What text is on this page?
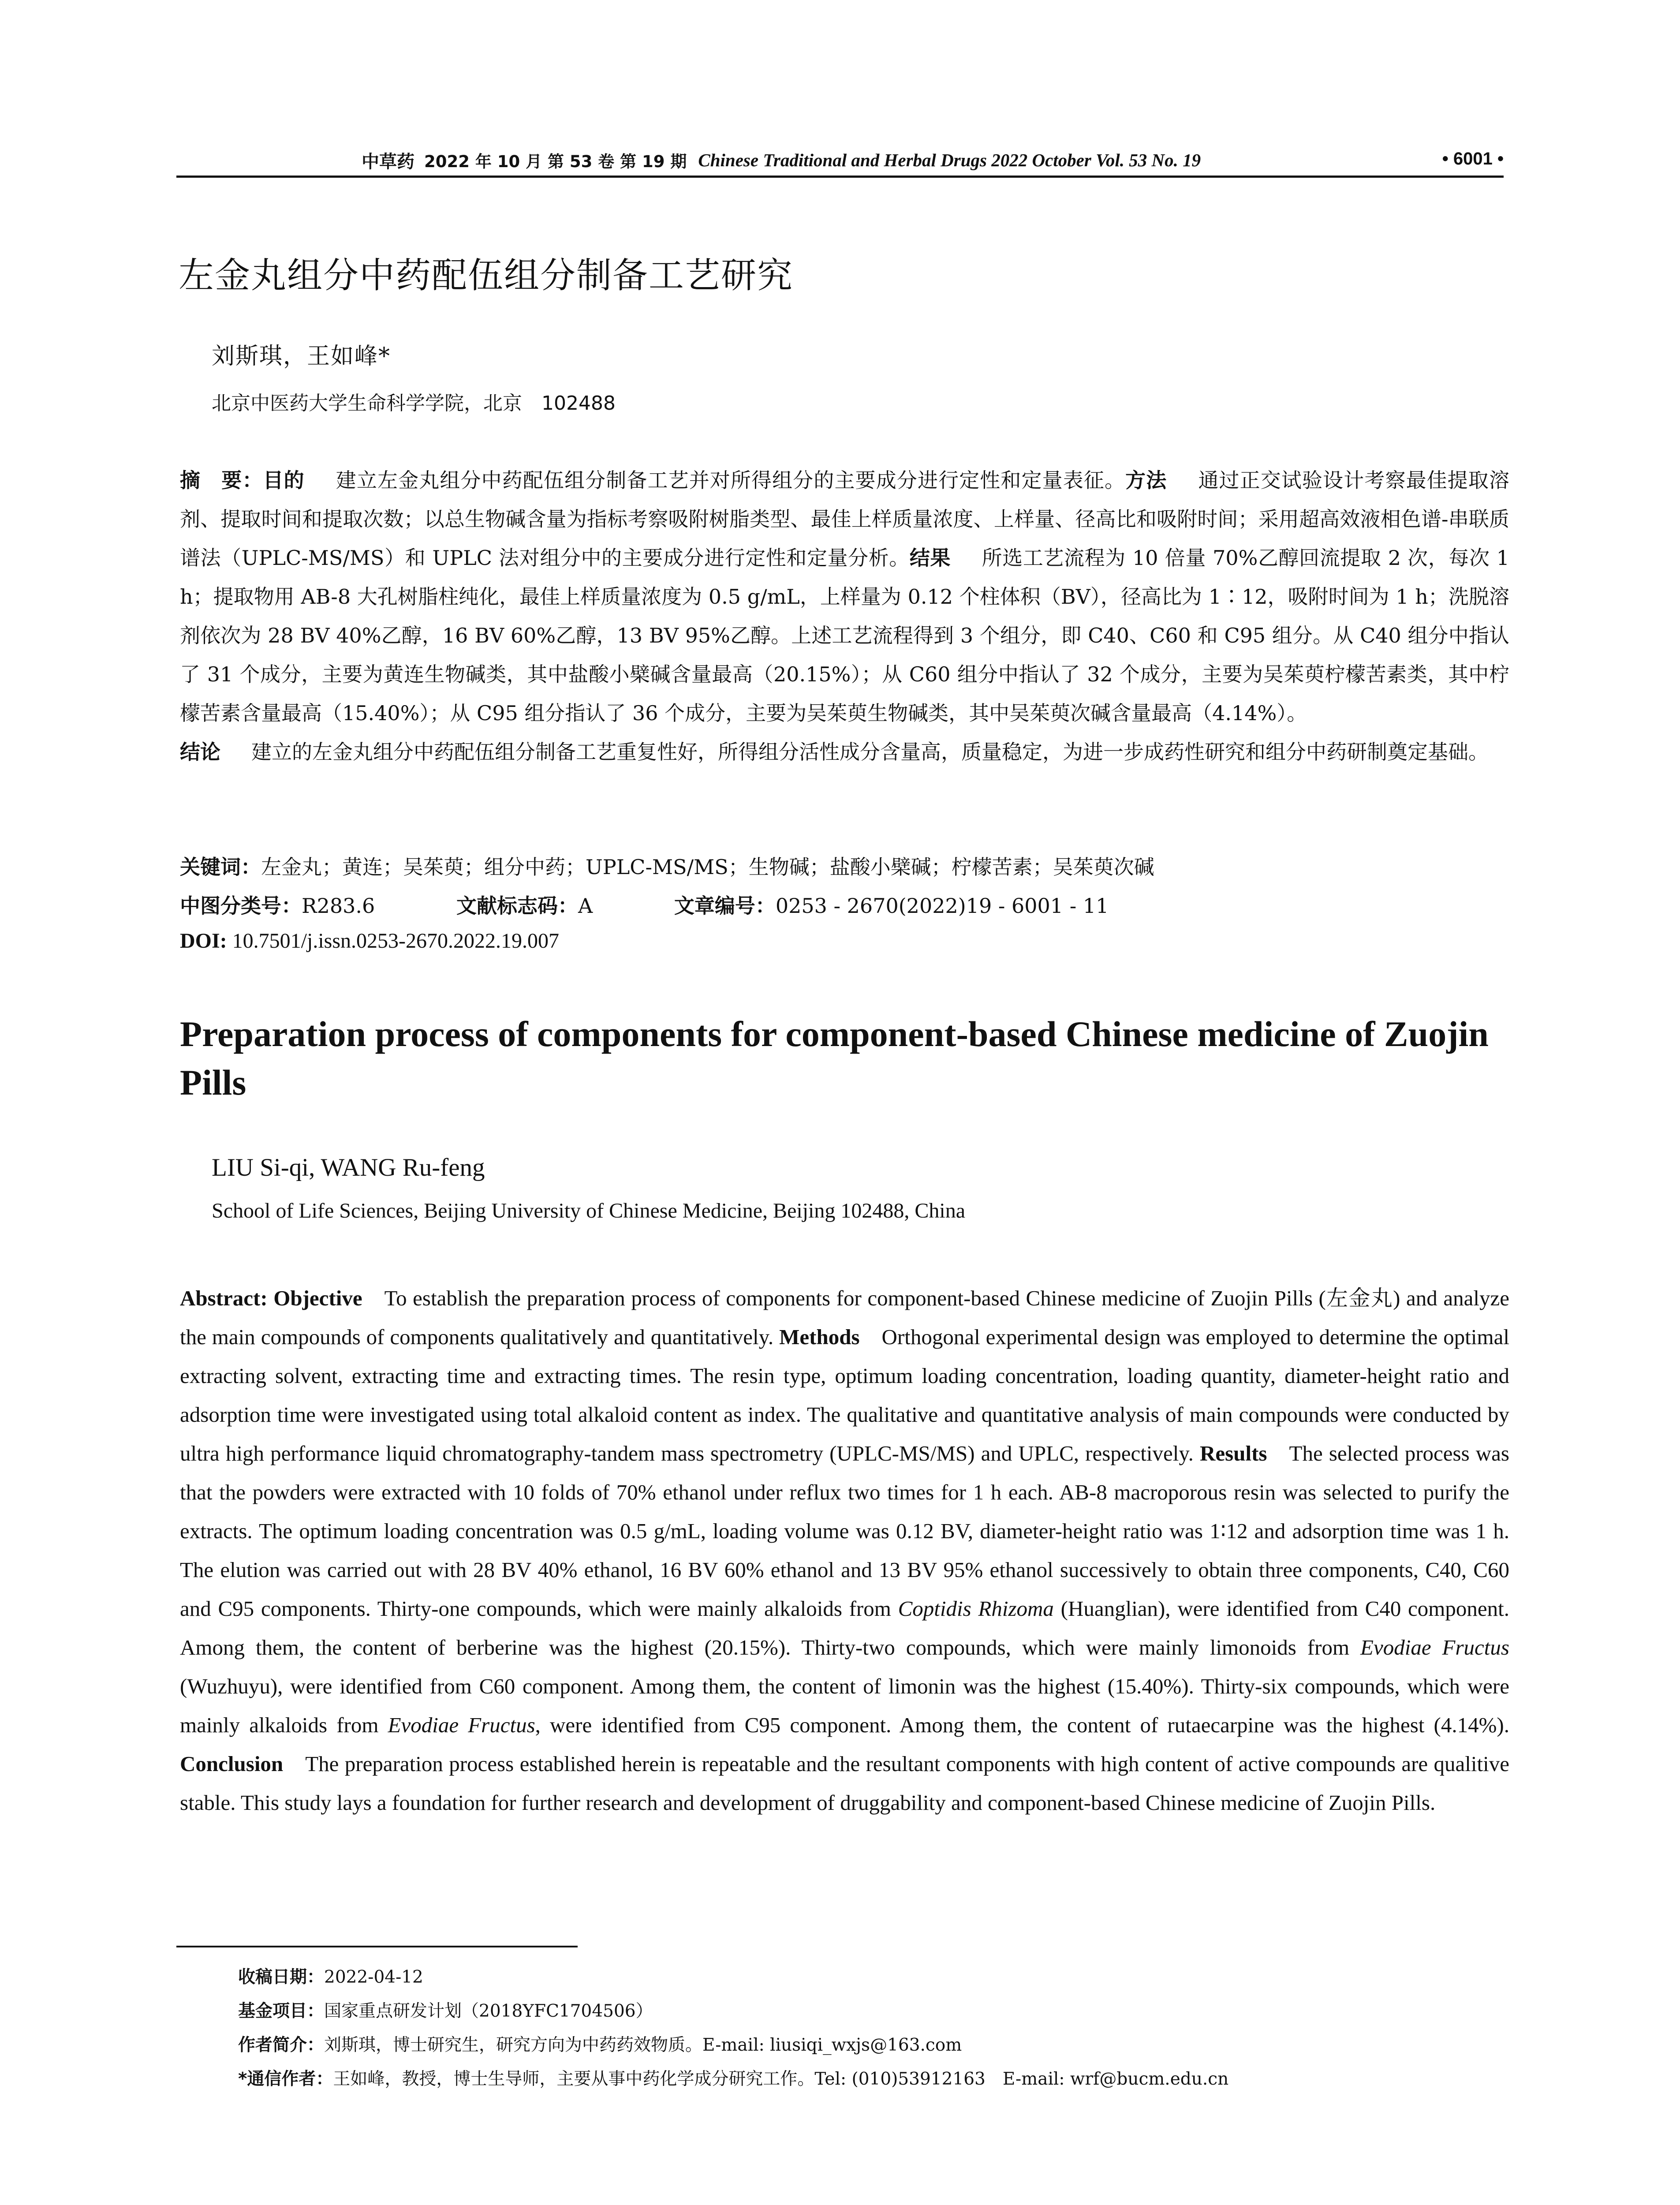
中草药 2022 年 10 月 第 53 卷 第 19 期 Chinese Traditional and Herbal Drugs 2022 October Vol. 53 No. 19	• 6001 •
左金丸组分中药配伍组分制备工艺研究
刘斯琪，王如峰*
北京中医药大学生命科学学院，北京　102488
摘　要：目的 建立左金丸组分中药配伍组分制备工艺并对所得组分的主要成分进行定性和定量表征。方法 通过正交试验设计考察最佳提取溶剂、提取时间和提取次数；以总生物碱含量为指标考察吸附树脂类型、最佳上样质量浓度、上样量、径高比和吸附时间；采用超高效液相色谱-串联质谱法（UPLC-MS/MS）和 UPLC 法对组分中的主要成分进行定性和定量分析。结果 所选工艺流程为 10 倍量 70%乙醇回流提取 2 次，每次 1 h；提取物用 AB-8 大孔树脂柱纯化，最佳上样质量浓度为 0.5 g/mL，上样量为 0.12 个柱体积（BV），径高比为 1∶12，吸附时间为 1 h；洗脱溶剂依次为 28 BV 40%乙醇，16 BV 60%乙醇，13 BV 95%乙醇。上述工艺流程得到 3 个组分，即 C40、C60 和 C95 组分。从 C40 组分中指认了 31 个成分，主要为黄连生物碱类，其中盐酸小檗碱含量最高（20.15%）；从 C60 组分中指认了 32 个成分，主要为吴茱萸柠檬苦素类，其中柠檬苦素含量最高（15.40%）；从 C95 组分指认了 36 个成分，主要为吴茱萸生物碱类，其中吴茱萸次碱含量最高（4.14%）。
结论 建立的左金丸组分中药配伍组分制备工艺重复性好，所得组分活性成分含量高，质量稳定，为进一步成药性研究和组分中药研制奠定基础。
关键词：左金丸；黄连；吴茱萸；组分中药；UPLC-MS/MS；生物碱；盐酸小檗碱；柠檬苦素；吴茱萸次碱
中图分类号：R283.6	文献标志码：A	文章编号：0253 - 2670(2022)19 - 6001 - 11
DOI: 10.7501/j.issn.0253-2670.2022.19.007
Preparation process of components for component-based Chinese medicine of Zuojin Pills
LIU Si-qi, WANG Ru-feng
School of Life Sciences, Beijing University of Chinese Medicine, Beijing 102488, China
Abstract: Objective To establish the preparation process of components for component-based Chinese medicine of Zuojin Pills (左金丸) and analyze the main compounds of components qualitatively and quantitatively. Methods Orthogonal experimental design was employed to determine the optimal extracting solvent, extracting time and extracting times. The resin type, optimum loading concentration, loading quantity, diameter-height ratio and adsorption time were investigated using total alkaloid content as index. The qualitative and quantitative analysis of main compounds were conducted by ultra high performance liquid chromatography-tandem mass spectrometry (UPLC-MS/MS) and UPLC, respectively. Results The selected process was that the powders were extracted with 10 folds of 70% ethanol under reflux two times for 1 h each. AB-8 macroporous resin was selected to purify the extracts. The optimum loading concentration was 0.5 g/mL, loading volume was 0.12 BV, diameter-height ratio was 1∶12 and adsorption time was 1 h. The elution was carried out with 28 BV 40% ethanol, 16 BV 60% ethanol and 13 BV 95% ethanol successively to obtain three components, C40, C60 and C95 components. Thirty-one compounds, which were mainly alkaloids from Coptidis Rhizoma (Huanglian), were identified from C40 component. Among them, the content of berberine was the highest (20.15%). Thirty-two compounds, which were mainly limonoids from Evodiae Fructus (Wuzhuyu), were identified from C60 component. Among them, the content of limonin was the highest (15.40%). Thirty-six compounds, which were mainly alkaloids from Evodiae Fructus, were identified from C95 component. Among them, the content of rutaecarpine was the highest (4.14%). Conclusion The preparation process established herein is repeatable and the resultant components with high content of active compounds are qualitive stable. This study lays a foundation for further research and development of druggability and component-based Chinese medicine of Zuojin Pills.
收稿日期：2022-04-12
基金项目：国家重点研发计划（2018YFC1704506）
作者简介：刘斯琪，博士研究生，研究方向为中药药效物质。E-mail: liusiqi_wxjs@163.com
*通信作者：王如峰，教授，博士生导师，主要从事中药化学成分研究工作。Tel: (010)53912163　E-mail: wrf@bucm.edu.cn
